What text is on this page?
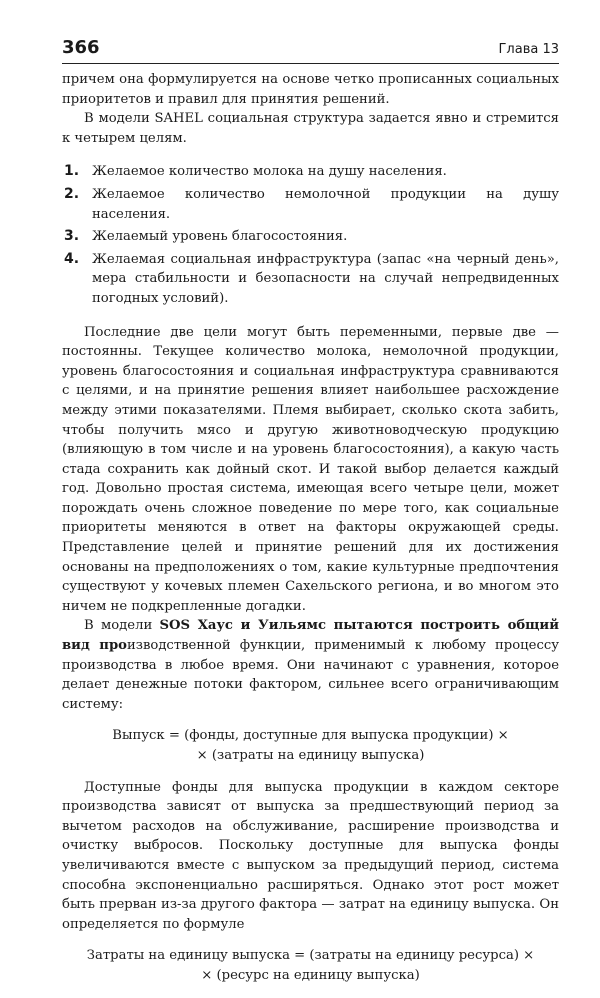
366	Глава 13

причем она формулируется на основе четко прописанных социальных приоритетов и правил для принятия решений.

В модели SAHEL социальная структура задается явно и стремится к четырем целям.

1. Желаемое количество молока на душу населения.
2. Желаемое количество немолочной продукции на душу населения.
3. Желаемый уровень благосостояния.
4. Желаемая социальная инфраструктура (запас «на черный день», мера стабильности и безопасности на случай непредвиденных погодных условий).

Последние две цели могут быть переменными, первые две — постоянны. Текущее количество молока, немолочной продукции, уровень благосостояния и социальная инфраструктура сравниваются с целями, и на принятие решения влияет наибольшее расхождение между этими показателями. Племя выбирает, сколько скота забить, чтобы получить мясо и другую животноводческую продукцию (влияющую в том числе и на уровень благосостояния), а какую часть стада сохранить как дойный скот. И такой выбор делается каждый год. Довольно простая система, имеющая всего четыре цели, может порождать очень сложное поведение по мере того, как социальные приоритеты меняются в ответ на факторы окружающей среды. Представление целей и принятие решений для их достижения основаны на предположениях о том, какие культурные предпочтения существуют у кочевых племен Сахельского региона, и во многом это ничем не подкрепленные догадки.

В модели SOS Хаус и Уильямс пытаются построить общий вид производственной функции, применимый к любому процессу производства в любое время. Они начинают с уравнения, которое делает денежные потоки фактором, сильнее всего ограничивающим систему:

Выпуск = (фонды, доступные для выпуска продукции) ×
× (затраты на единицу выпуска)

Доступные фонды для выпуска продукции в каждом секторе производства зависят от выпуска за предшествующий период за вычетом расходов на обслуживание, расширение производства и очистку выбросов. Поскольку доступные для выпуска фонды увеличиваются вместе с выпуском за предыдущий период, система способна экспоненциально расширяться. Однако этот рост может быть прерван из-за другого фактора — затрат на единицу выпуска. Он определяется по формуле

Затраты на единицу выпуска = (затраты на единицу ресурса) ×
× (ресурс на единицу выпуска)
